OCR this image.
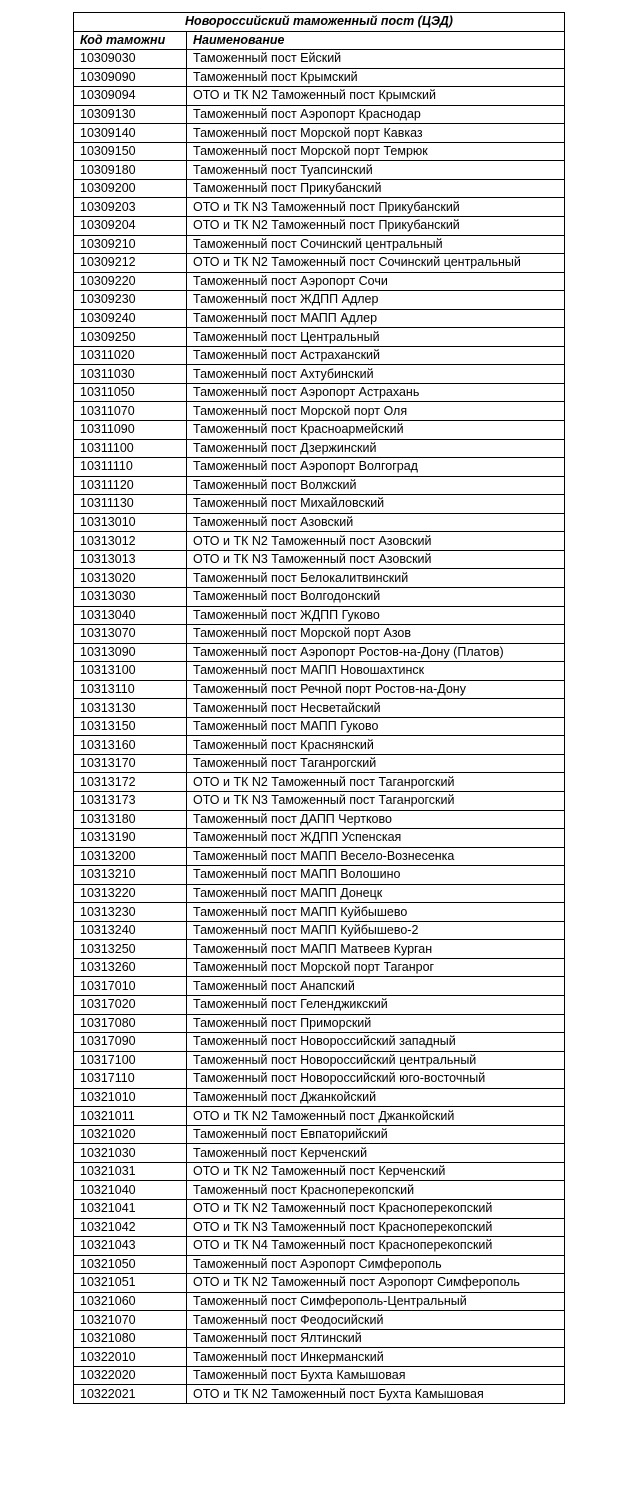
Новороссийский таможенный пост (ЦЭД)	
Код таможни	Наименование
10309030	Таможенный пост Ейский
10309090	Таможенный пост Крымский
10309094	ОТО и ТК N2 Таможенный пост Крымский
10309130	Таможенный пост Аэропорт Краснодар
10309140	Таможенный пост Морской порт Кавказ
10309150	Таможенный пост Морской порт Темрюк
10309180	Таможенный пост Туапсинский
10309200	Таможенный пост Прикубанский
10309203	ОТО и ТК N3 Таможенный пост Прикубанский
10309204	ОТО и ТК N2 Таможенный пост Прикубанский
10309210	Таможенный пост Сочинский центральный
10309212	ОТО и ТК N2 Таможенный пост Сочинский центральный
10309220	Таможенный пост Аэропорт Сочи
10309230	Таможенный пост ЖДПП Адлер
10309240	Таможенный пост МАПП Адлер
10309250	Таможенный пост Центральный
10311020	Таможенный пост Астраханский
10311030	Таможенный пост Ахтубинский
10311050	Таможенный пост Аэропорт Астрахань
10311070	Таможенный пост Морской порт Оля
10311090	Таможенный пост Красноармейский
10311100	Таможенный пост Дзержинский
10311110	Таможенный пост Аэропорт Волгоград
10311120	Таможенный пост Волжский
10311130	Таможенный пост Михайловский
10313010	Таможенный пост Азовский
10313012	ОТО и ТК N2 Таможенный пост Азовский
10313013	ОТО и ТК N3 Таможенный пост Азовский
10313020	Таможенный пост Белокалитвинский
10313030	Таможенный пост Волгодонский
10313040	Таможенный пост ЖДПП Гуково
10313070	Таможенный пост Морской порт Азов
10313090	Таможенный пост Аэропорт Ростов-на-Дону (Платов)
10313100	Таможенный пост МАПП Новошахтинск
10313110	Таможенный пост Речной порт Ростов-на-Дону
10313130	Таможенный пост Несветайский
10313150	Таможенный пост МАПП Гуково
10313160	Таможенный пост Краснянский
10313170	Таможенный пост Таганрогский
10313172	ОТО и ТК N2 Таможенный пост Таганрогский
10313173	ОТО и ТК N3 Таможенный пост Таганрогский
10313180	Таможенный пост ДАПП Чертково
10313190	Таможенный пост ЖДПП Успенская
10313200	Таможенный пост МАПП Весело-Вознесенка
10313210	Таможенный пост МАПП Волошино
10313220	Таможенный пост МАПП Донецк
10313230	Таможенный пост МАПП Куйбышево
10313240	Таможенный пост МАПП Куйбышево-2
10313250	Таможенный пост МАПП Матвеев Курган
10313260	Таможенный пост Морской порт Таганрог
10317010	Таможенный пост Анапский
10317020	Таможенный пост Геленджикский
10317080	Таможенный пост Приморский
10317090	Таможенный пост Новороссийский западный
10317100	Таможенный пост Новороссийский центральный
10317110	Таможенный пост Новороссийский юго-восточный
10321010	Таможенный пост Джанкойский
10321011	ОТО и ТК N2 Таможенный пост Джанкойский
10321020	Таможенный пост Евпаторийский
10321030	Таможенный пост Керченский
10321031	ОТО и ТК N2 Таможенный пост Керченский
10321040	Таможенный пост Красноперекопский
10321041	ОТО и ТК N2 Таможенный пост Красноперекопский
10321042	ОТО и ТК N3 Таможенный пост Красноперекопский
10321043	ОТО и ТК N4 Таможенный пост Красноперекопский
10321050	Таможенный пост Аэропорт Симферополь
10321051	ОТО и ТК N2 Таможенный пост Аэропорт Симферополь
10321060	Таможенный пост Симферополь-Центральный
10321070	Таможенный пост Феодосийский
10321080	Таможенный пост Ялтинский
10322010	Таможенный пост Инкерманский
10322020	Таможенный пост Бухта Камышовая
10322021	ОТО и ТК N2 Таможенный пост Бухта Камышовая
